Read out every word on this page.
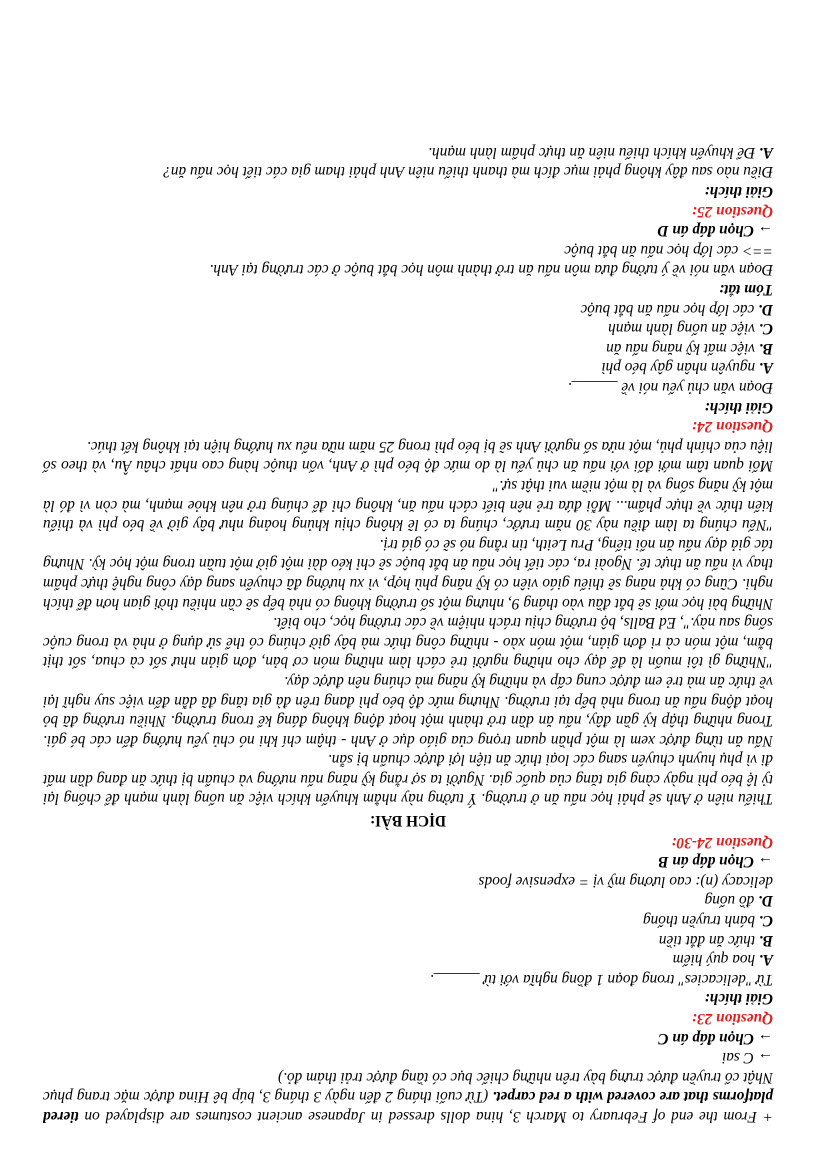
+ From the end of February to March 3, hina dolls dressed in Japanese ancient costumes are displayed on tiered platforms that are covered with a red carpet. (Từ cuối tháng 2 đến ngày 3 tháng 3, búp bê Hina được mặc trang phục Nhật cổ truyền được trưng bày trên những chiếc bục có tầng được trải thảm đỏ.)

→ C sai

→ Chọn đáp án C

Question 23:

Giải thích:

Từ "delicacies" trong đoạn 1 đồng nghĩa với từ ______.

A. hoa quý hiếm

B. thức ăn đắt tiền

C. bánh truyền thống

D. đồ uống

delicacy (n): cao lương mỹ vị = expensive foods

→ Chọn đáp án B

Question 24-30:

DỊCH BÀI:

Thiếu niên ở Anh sẽ phải học nấu ăn ở trường. Ý tưởng này nhằm khuyến khích việc ăn uống lành mạnh để chống lại tỷ lệ béo phì ngày càng gia tăng của quốc gia. Người ta sợ rằng kỹ năng nấu nướng và chuẩn bị thức ăn đang dần mất đi vì phụ huynh chuyển sang các loại thức ăn tiện lợi được chuẩn bị sẵn.

Nấu ăn từng được xem là một phần quan trọng của giáo dục ở Anh - thậm chí khi nó chủ yếu hướng đến các bé gái. Trong những thập kỷ gần đây, nấu ăn dần trở thành một hoạt động không đáng kể trong trường. Nhiều trường đã bỏ hoạt động nấu ăn trong nhà bếp tại trường. Nhưng mức độ béo phì đang trên đà gia tăng đã dẫn đến việc suy nghĩ lại về thức ăn mà trẻ em được cung cấp và những kỹ năng mà chúng nên được dạy.

"Những gì tôi muốn là để dạy cho những người trẻ cách làm những món cơ bản, đơn giản như sốt cà chua, sốt thịt bằm, một món cà ri đơn giản, một món xào - những công thức mà bây giờ chúng có thể sử dụng ở nhà và trong cuộc sống sau này.", Ed Balls, bộ trưởng chịu trách nhiệm về các trường học, cho biết.

Những bài học mới sẽ bắt đầu vào tháng 9, nhưng một số trường không có nhà bếp sẽ cần nhiều thời gian hơn để thích nghi. Cũng có khả năng sẽ thiếu giáo viên có kỹ năng phù hợp, vì xu hướng đã chuyển sang dạy công nghệ thực phẩm thay vì nấu ăn thực tế. Ngoài ra, các tiết học nấu ăn bắt buộc sẽ chỉ kéo dài một giờ một tuần trong một học kỳ. Nhưng tác giả dạy nấu ăn nổi tiếng, Pru Leith, tin rằng nó sẽ có giá trị.

"Nếu chúng ta làm điều này 30 năm trước, chúng ta có lẽ không chịu khủng hoảng như bây giờ về béo phì và thiếu kiến thức về thực phẩm... Mỗi đứa trẻ nên biết cách nấu ăn, không chỉ để chúng trở nên khỏe mạnh, mà còn vì đó là một kỹ năng sống và là một niềm vui thật sự."

Mối quan tâm mới đối với nấu ăn chủ yếu là do mức độ béo phì ở Anh, vốn thuộc hàng cao nhất châu Âu, và theo số liệu của chính phủ, một nửa số người Anh sẽ bị béo phì trong 25 năm nữa nếu xu hướng hiện tại không kết thúc.

Question 24:

Giải thích:

Đoạn văn chủ yếu nói về ______.

A. nguyên nhân gây béo phì

B. việc mất kỹ năng nấu ăn

C. việc ăn uống lành mạnh

D. các lớp học nấu ăn bắt buộc

Tóm tắt:

Đoạn văn nói về ý tưởng đưa môn nấu ăn trở thành môn học bắt buộc ở các trường tại Anh.

==> các lớp học nấu ăn bắt buộc

→ Chọn đáp án D

Question 25:

Giải thích:

Điều nào sau đây không phải mục đích mà thanh thiếu niên Anh phải tham gia các tiết học nấu ăn?

A. Để khuyến khích thiếu niên ăn thực phẩm lành mạnh.
